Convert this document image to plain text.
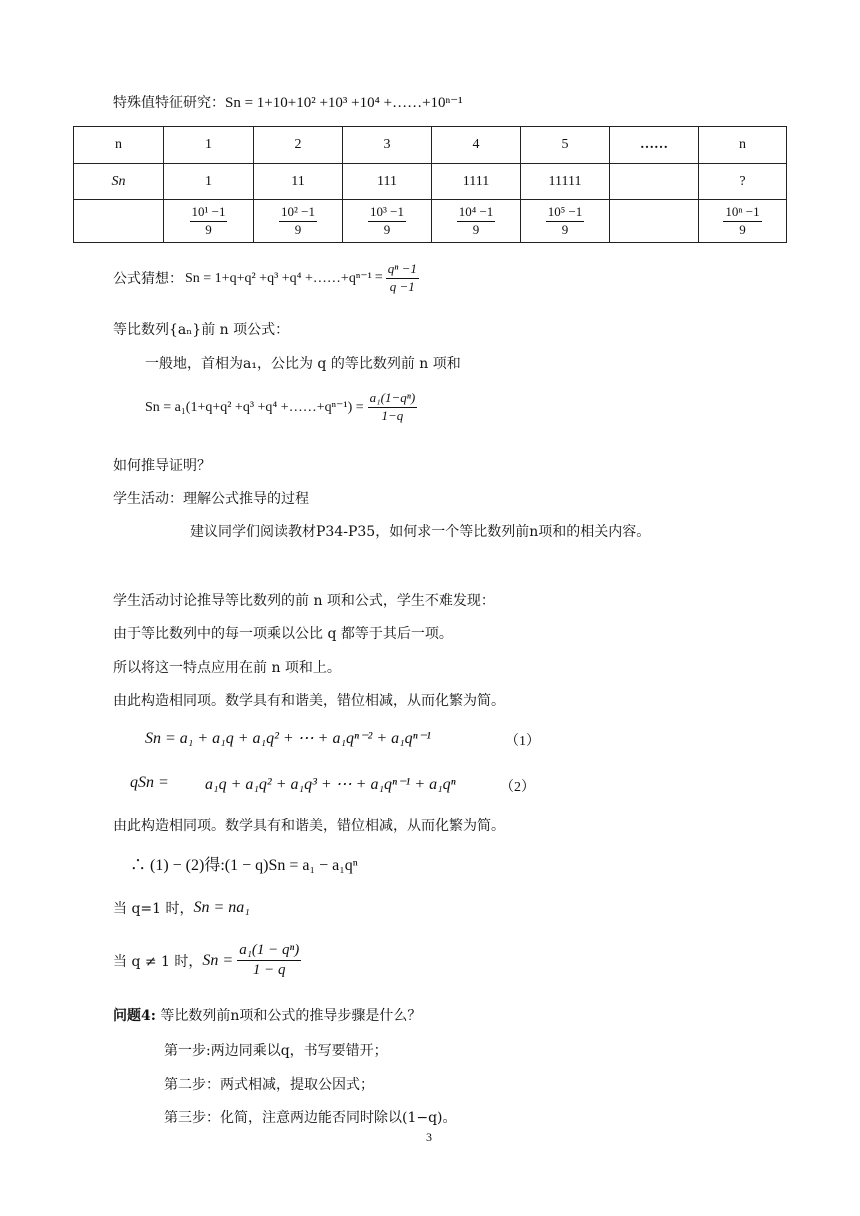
特殊值特征研究：Sn = 1+10+10² +10³ +10⁴ +……+10ⁿ⁻¹
n	1	2	3	4	5	……	n
Sn	1	11	111	1111	11111		?

	$\frac{\text{10¹ −1}}{9}$	$\frac{\text{10² −1}}{9}$	$\frac{\text{10³ −1}}{9}$	$\frac{\text{10⁴ −1}}{9}$	$\frac{\text{10⁵ −1}}{9}$		$\frac{\text{10ⁿ −1}}{9}$
公式猜想： Sn = 1+q+q² +q³ +q⁴ +……+qⁿ⁻¹ = $\frac{\text{qⁿ −1}}{q -1}$
等比数列{aₙ}前 n 项公式：
一般地，首相为a₁，公比为 q 的等比数列前 n 项和
Sn = a₁(1+q+q² +q³ +q⁴ +……+qⁿ⁻¹) = $\frac{\text{a₁(1−qⁿ)}}{1-q}$
如何推导证明？
学生活动：理解公式推导的过程
建议同学们阅读教材P34-P35，如何求一个等比数列前n项和的相关内容。
学生活动讨论推导等比数列的前 n 项和公式，学生不难发现：
由于等比数列中的每一项乘以公比 q 都等于其后一项。
所以将这一特点应用在前 n 项和上。
由此构造相同项。数学具有和谐美，错位相减，从而化繁为简。
Sn = a₁ + a₁q + a₁q² + ⋯ + a₁qⁿ⁻² + a₁qⁿ⁻¹	（1）
qSn = a₁q + a₁q² + a₁q³ + ⋯ + a₁qⁿ⁻¹ + a₁qⁿ	（2）
由此构造相同项。数学具有和谐美，错位相减，从而化繁为简。
∴ (1) − (2)得:(1 − q)Sn = a₁ − a₁qⁿ
当 q=1 时， Sn = na₁
当 q ≠ 1 时， $Sn = \frac{\text{a₁(1 − qⁿ)}}{1 - q}$
问题4: 等比数列前n项和公式的推导步骤是什么？
第一步:两边同乘以q，书写要错开；
第二步：两式相减，提取公因式；
第三步：化简，注意两边能否同时除以(1−q)。
3
